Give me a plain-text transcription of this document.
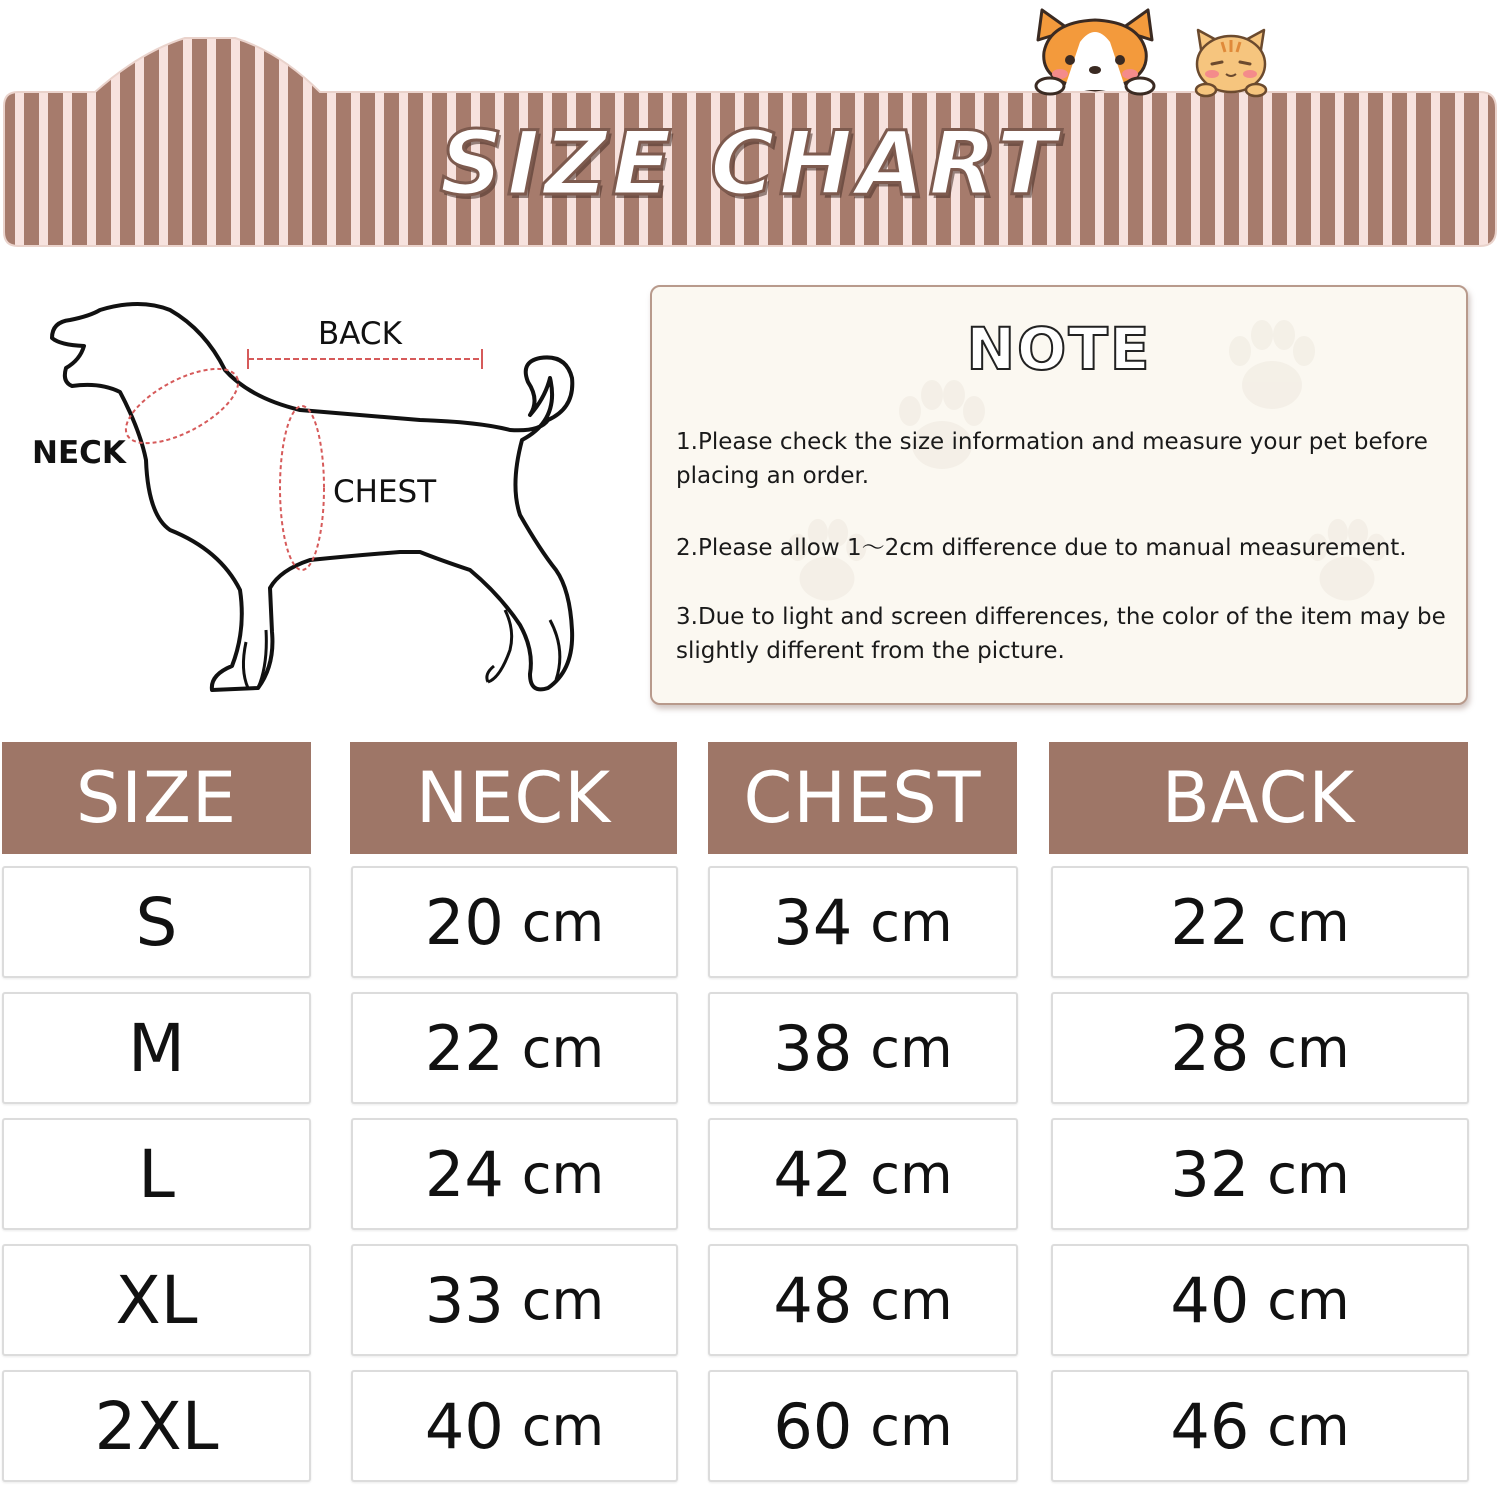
SIZE CHART
BACK
NECK
CHEST
NOTE
1.Please check the size information and measure your pet before placing an order.
2.Please allow 1～2cm difference due to manual measurement.
3.Due to light and screen differences, the color of the item may be slightly different from the picture.
SIZE	NECK	CHEST	BACK
S	20 cm	34 cm	22 cm
M	22 cm	38 cm	28 cm
L	24 cm	42 cm	32 cm
XL	33 cm	48 cm	40 cm
2XL	40 cm	60 cm	46 cm
